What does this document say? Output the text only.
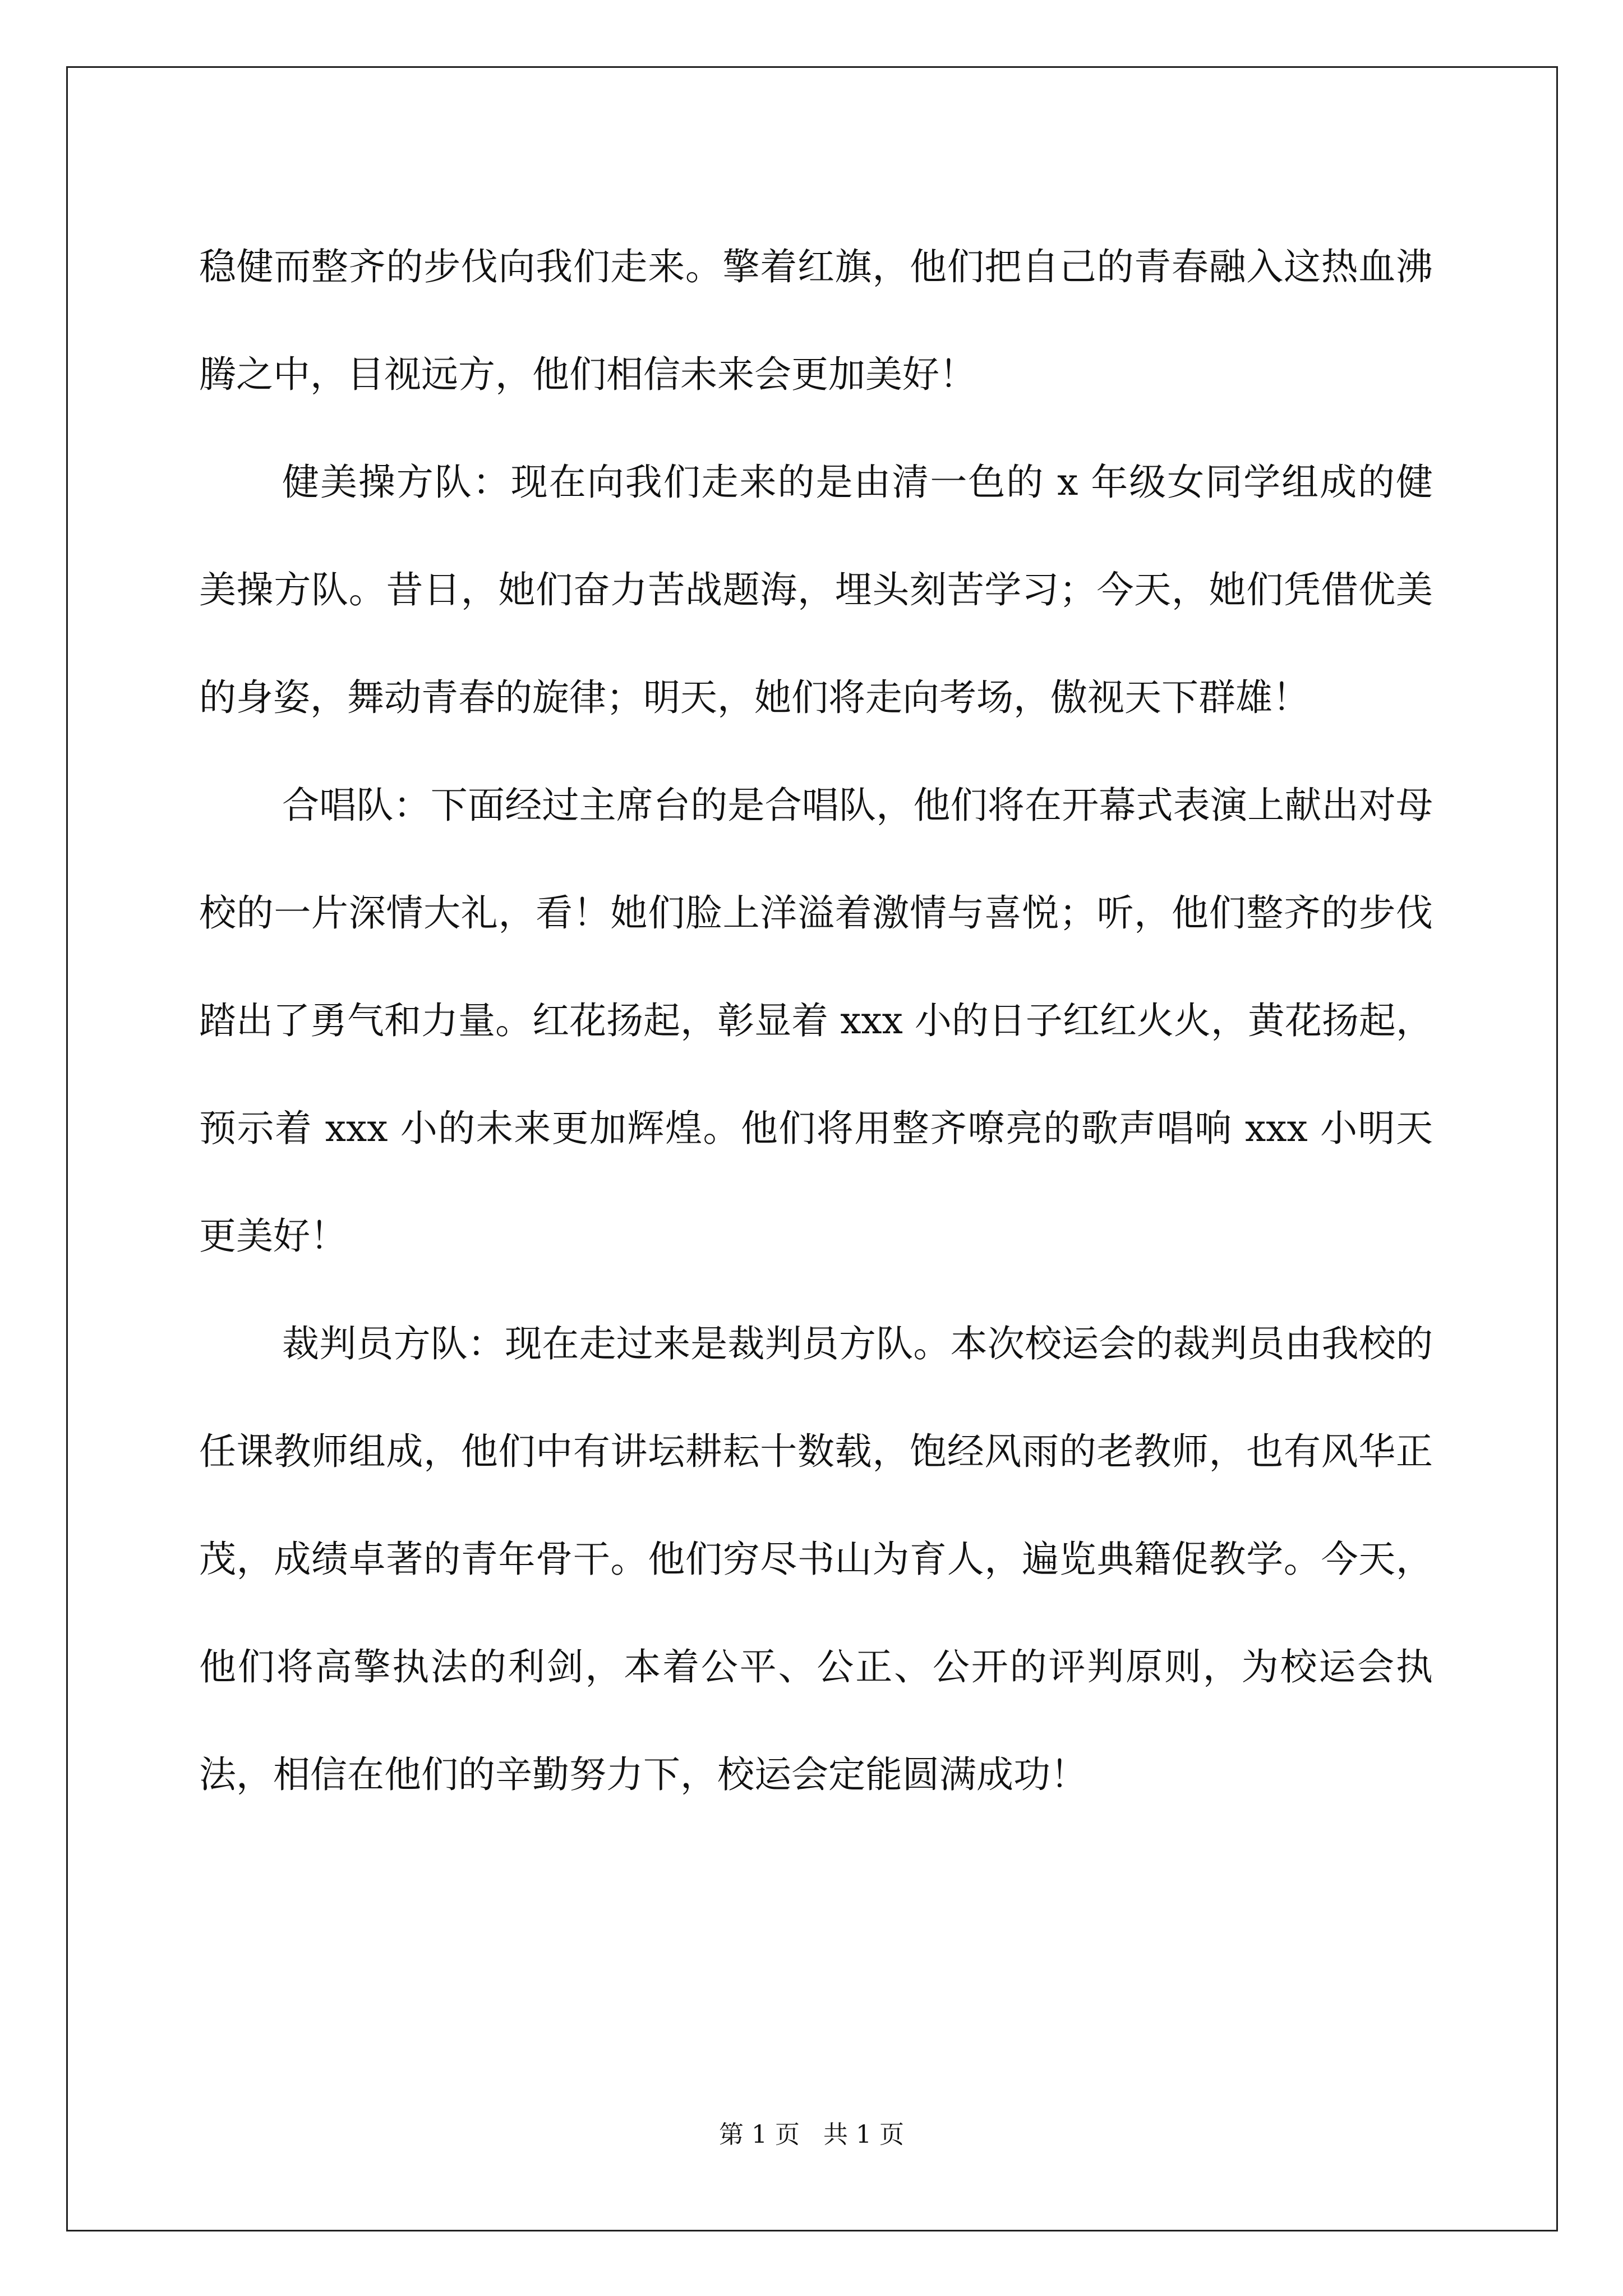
稳健而整齐的步伐向我们走来。擎着红旗，他们把自己的青春融入这热血沸腾之中，目视远方，他们相信未来会更加美好！

健美操方队：现在向我们走来的是由清一色的 x 年级女同学组成的健美操方队。昔日，她们奋力苦战题海，埋头刻苦学习；今天，她们凭借优美的身姿，舞动青春的旋律；明天，她们将走向考场，傲视天下群雄！

合唱队：下面经过主席台的是合唱队，他们将在开幕式表演上献出对母校的一片深情大礼，看！她们脸上洋溢着激情与喜悦；听，他们整齐的步伐踏出了勇气和力量。红花扬起，彰显着 xxx 小的日子红红火火，黄花扬起，预示着 xxx 小的未来更加辉煌。他们将用整齐嘹亮的歌声唱响 xxx 小明天更美好！

裁判员方队：现在走过来是裁判员方队。本次校运会的裁判员由我校的任课教师组成，他们中有讲坛耕耘十数载，饱经风雨的老教师，也有风华正茂，成绩卓著的青年骨干。他们穷尽书山为育人，遍览典籍促教学。今天，他们将高擎执法的利剑，本着公平、公正、公开的评判原则，为校运会执法，相信在他们的辛勤努力下，校运会定能圆满成功！

第 1 页   共 1 页
